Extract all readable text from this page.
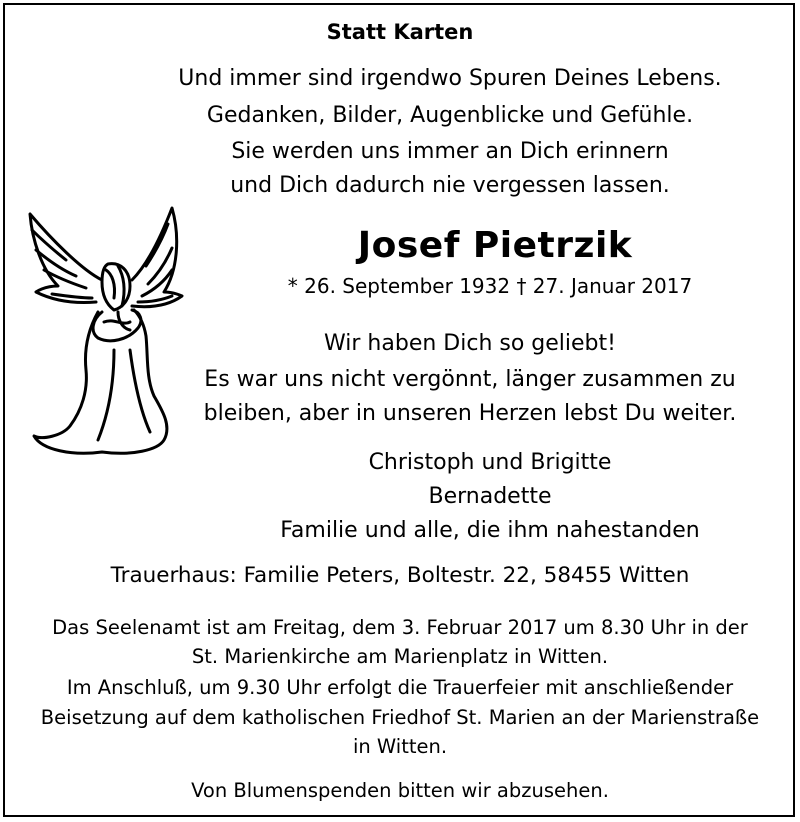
Statt Karten
Und immer sind irgendwo Spuren Deines Lebens.
Gedanken, Bilder, Augenblicke und Gefühle.
Sie werden uns immer an Dich erinnern
und Dich dadurch nie vergessen lassen.
Josef Pietrzik
* 26. September 1932 † 27. Januar 2017
Wir haben Dich so geliebt!
Es war uns nicht vergönnt, länger zusammen zu
bleiben, aber in unseren Herzen lebst Du weiter.
Christoph und Brigitte
Bernadette
Familie und alle, die ihm nahestanden
Trauerhaus: Familie Peters, Boltestr. 22, 58455 Witten
Das Seelenamt ist am Freitag, dem 3. Februar 2017 um 8.30 Uhr in der
St. Marienkirche am Marienplatz in Witten.
Im Anschluß, um 9.30 Uhr erfolgt die Trauerfeier mit anschließender
Beisetzung auf dem katholischen Friedhof St. Marien an der Marienstraße
in Witten.
Von Blumenspenden bitten wir abzusehen.
